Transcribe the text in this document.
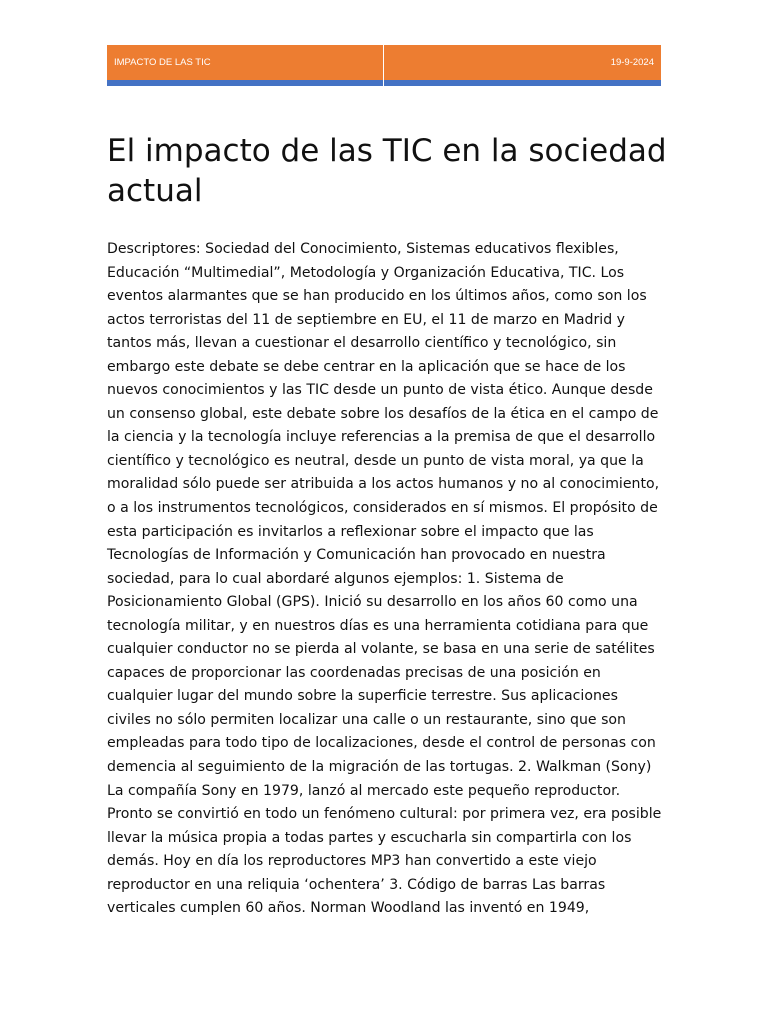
IMPACTO DE LAS TIC	19-9-2024
El impacto de las TIC en la sociedad actual

Descriptores: Sociedad del Conocimiento, Sistemas educativos flexibles, Educación “Multimedial”, Metodología y Organización Educativa, TIC. Los eventos alarmantes que se han producido en los últimos años, como son los actos terroristas del 11 de septiembre en EU, el 11 de marzo en Madrid y tantos más, llevan a cuestionar el desarrollo científico y tecnológico, sin embargo este debate se debe centrar en la aplicación que se hace de los nuevos conocimientos y las TIC desde un punto de vista ético. Aunque desde un consenso global, este debate sobre los desafíos de la ética en el campo de la ciencia y la tecnología incluye referencias a la premisa de que el desarrollo científico y tecnológico es neutral, desde un punto de vista moral, ya que la moralidad sólo puede ser atribuida a los actos humanos y no al conocimiento, o a los instrumentos tecnológicos, considerados en sí mismos. El propósito de esta participación es invitarlos a reflexionar sobre el impacto que las Tecnologías de Información y Comunicación han provocado en nuestra sociedad, para lo cual abordaré algunos ejemplos: 1. Sistema de Posicionamiento Global (GPS). Inició su desarrollo en los años 60 como una tecnología militar, y en nuestros días es una herramienta cotidiana para que cualquier conductor no se pierda al volante, se basa en una serie de satélites capaces de proporcionar las coordenadas precisas de una posición en cualquier lugar del mundo sobre la superficie terrestre. Sus aplicaciones civiles no sólo permiten localizar una calle o un restaurante, sino que son empleadas para todo tipo de localizaciones, desde el control de personas con demencia al seguimiento de la migración de las tortugas. 2. Walkman (Sony) La compañía Sony en 1979, lanzó al mercado este pequeño reproductor. Pronto se convirtió en todo un fenómeno cultural: por primera vez, era posible llevar la música propia a todas partes y escucharla sin compartirla con los demás. Hoy en día los reproductores MP3 han convertido a este viejo reproductor en una reliquia ‘ochentera’ 3. Código de barras Las barras verticales cumplen 60 años. Norman Woodland las inventó en 1949,
